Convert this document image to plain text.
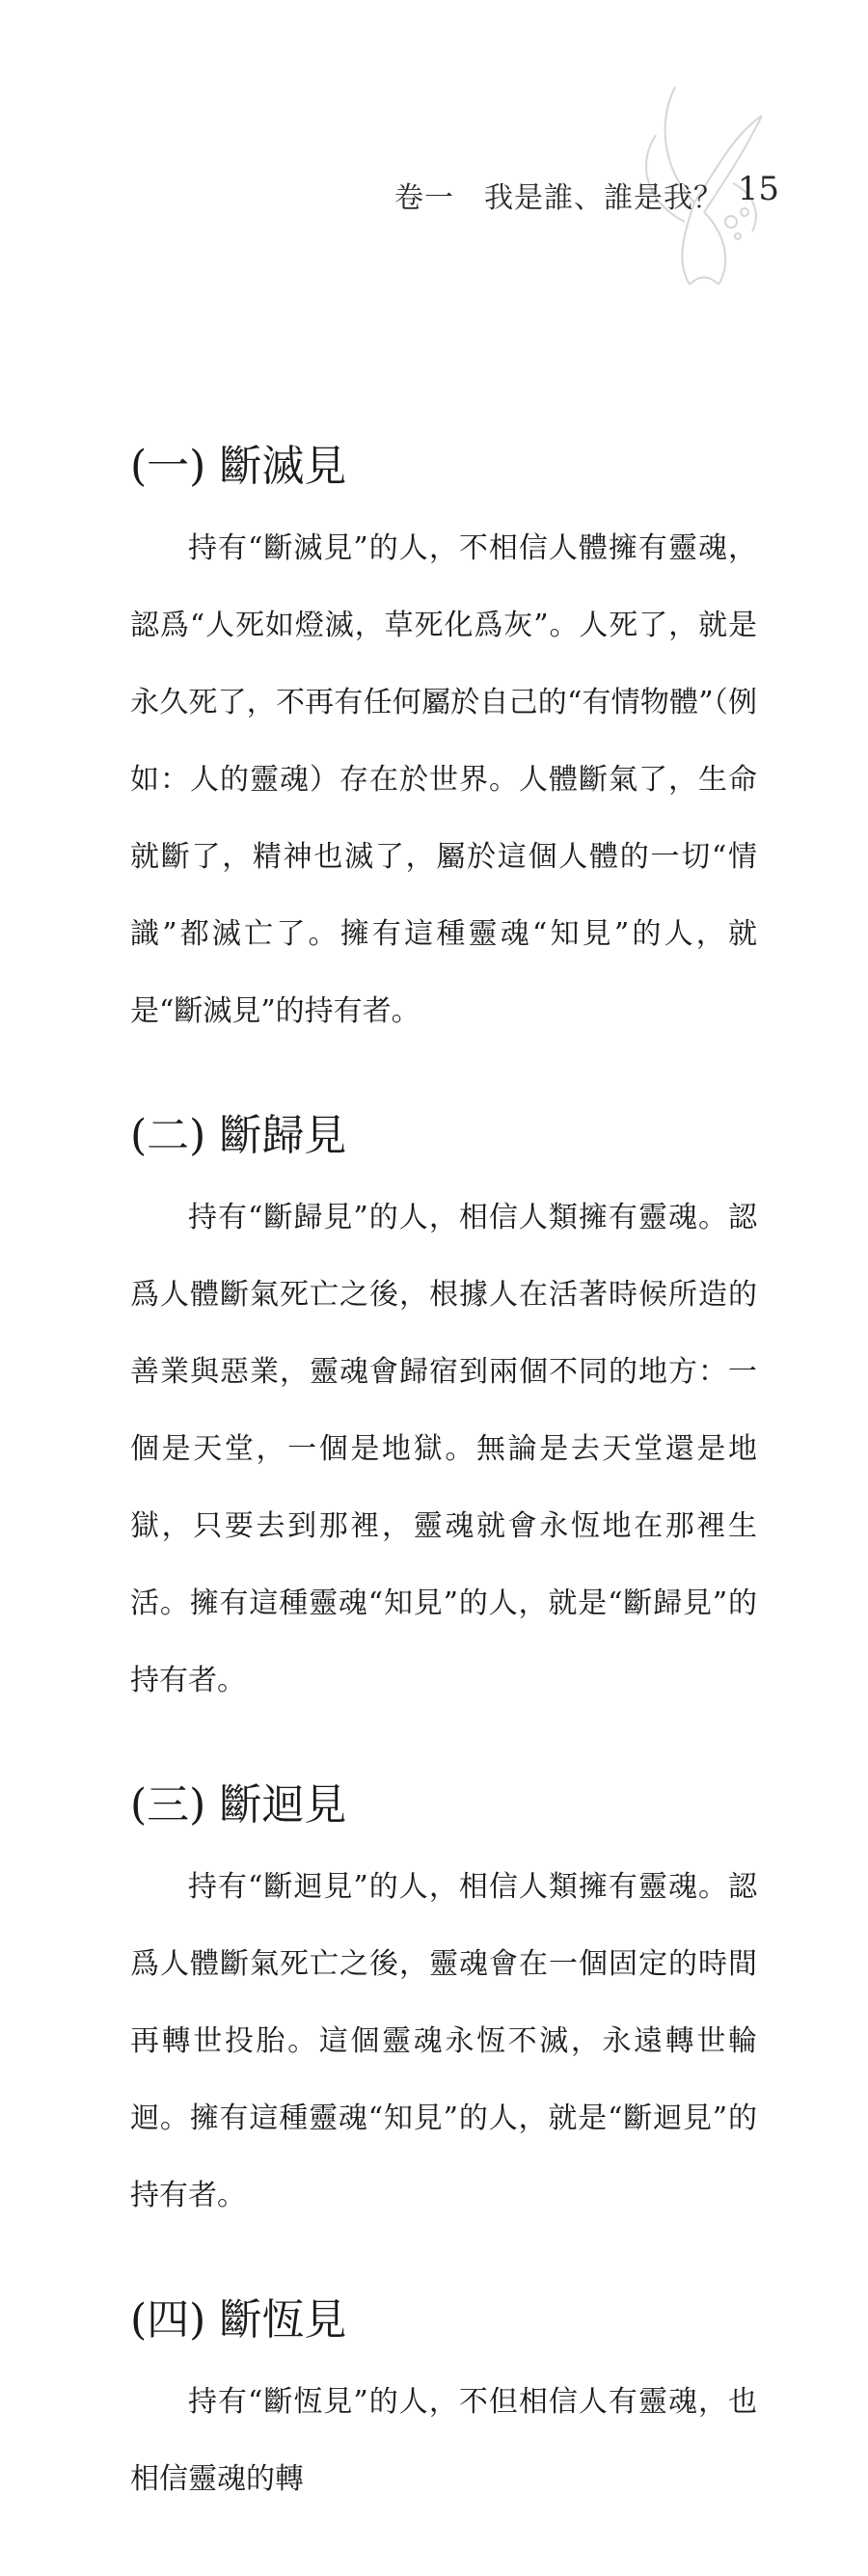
卷一　我是誰、誰是我？ 15
(一) 斷滅見

持有“斷滅見”的人，不相信人體擁有靈魂，認爲“人死如燈滅，草死化爲灰”。人死了，就是永久死了，不再有任何屬於自己的“有情物體”（例如：人的靈魂）存在於世界。人體斷氣了，生命就斷了，精神也滅了，屬於這個人體的一切“情識”都滅亡了。擁有這種靈魂“知見”的人，就是“斷滅見”的持有者。

(二) 斷歸見

持有“斷歸見”的人，相信人類擁有靈魂。認爲人體斷氣死亡之後，根據人在活著時候所造的善業與惡業，靈魂會歸宿到兩個不同的地方：一個是天堂，一個是地獄。無論是去天堂還是地獄，只要去到那裡，靈魂就會永恆地在那裡生活。擁有這種靈魂“知見”的人，就是“斷歸見”的持有者。

(三) 斷迴見

持有“斷迴見”的人，相信人類擁有靈魂。認爲人體斷氣死亡之後，靈魂會在一個固定的時間再轉世投胎。這個靈魂永恆不滅，永遠轉世輪迴。擁有這種靈魂“知見”的人，就是“斷迴見”的持有者。

(四) 斷恆見

持有“斷恆見”的人，不但相信人有靈魂，也相信靈魂的轉
